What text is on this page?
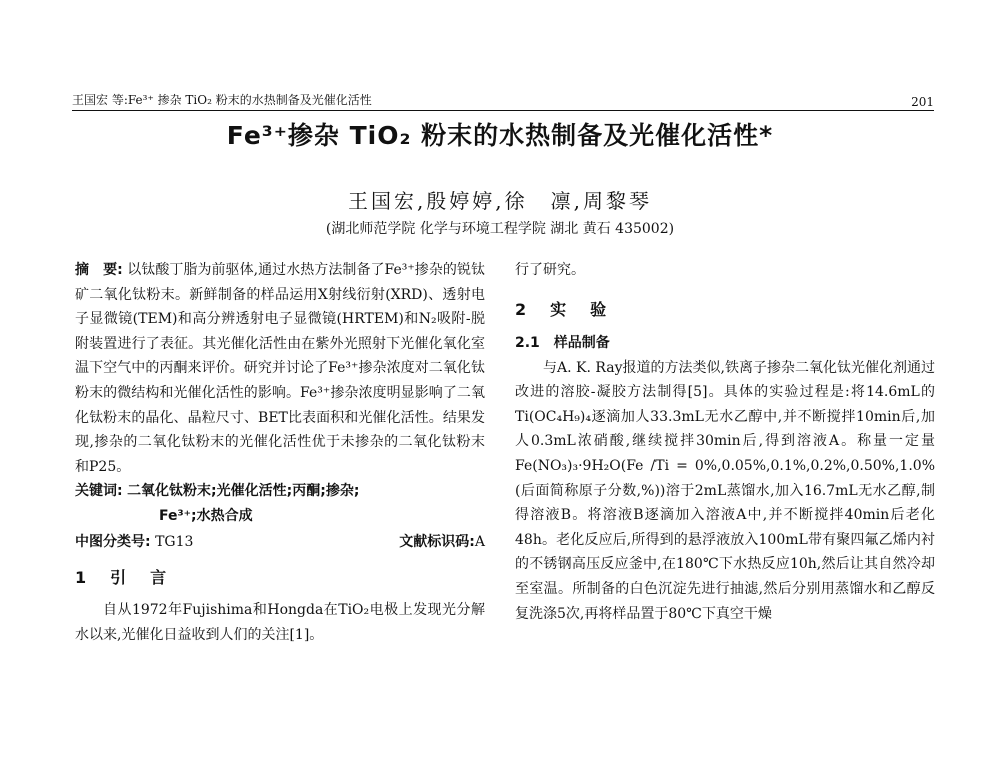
王国宏 等:Fe³⁺ 掺杂 TiO₂ 粉末的水热制备及光催化活性	201
Fe³⁺掺杂 TiO₂ 粉末的水热制备及光催化活性*
王国宏,殷婷婷,徐　凛,周黎琴
(湖北师范学院 化学与环境工程学院 湖北 黄石 435002)

摘　要: 以钛酸丁脂为前驱体,通过水热方法制备了Fe³⁺掺杂的锐钛矿二氧化钛粉末。新鲜制备的样品运用X射线衍射(XRD)、透射电子显微镜(TEM)和高分辨透射电子显微镜(HRTEM)和N₂吸附-脱附装置进行了表征。其光催化活性由在紫外光照射下光催化氧化室温下空气中的丙酮来评价。研究并讨论了Fe³⁺掺杂浓度对二氧化钛粉末的微结构和光催化活性的影响。Fe³⁺掺杂浓度明显影响了二氧化钛粉末的晶化、晶粒尺寸、BET比表面积和光催化活性。结果发现,掺杂的二氧化钛粉末的光催化活性优于未掺杂的二氧化钛粉末和P25。

关键词: 二氧化钛粉末;光催化活性;丙酮;掺杂;
Fe³⁺;水热合成
中图分类号: TG13	文献标识码:A
1　引　言

自从1972年Fujishima和Hongda在TiO₂电极上发现光分解水以来,光催化日益收到人们的关注[1]。

行了研究。

2　实　验
2.1　样品制备

与A. K. Ray报道的方法类似,铁离子掺杂二氧化钛光催化剂通过改进的溶胶-凝胶方法制得[5]。具体的实验过程是:将14.6mL的Ti(OC₄H₉)₄逐滴加人33.3mL无水乙醇中,并不断搅拌10min后,加人0.3mL浓硝酸,继续搅拌30min后,得到溶液A。称量一定量Fe(NO₃)₃·9H₂O(Fe /Ti = 0%,0.05%,0.1%,0.2%,0.50%,1.0%(后面简称原子分数,%))溶于2mL蒸馏水,加入16.7mL无水乙醇,制得溶液B。将溶液B逐滴加入溶液A中,并不断搅拌40min后老化48h。老化反应后,所得到的悬浮液放入100mL带有聚四氟乙烯内衬的不锈钢高压反应釜中,在180℃下水热反应10h,然后让其自然冷却至室温。所制备的白色沉淀先进行抽滤,然后分别用蒸馏水和乙醇反复洗涤5次,再将样品置于80℃下真空干燥
